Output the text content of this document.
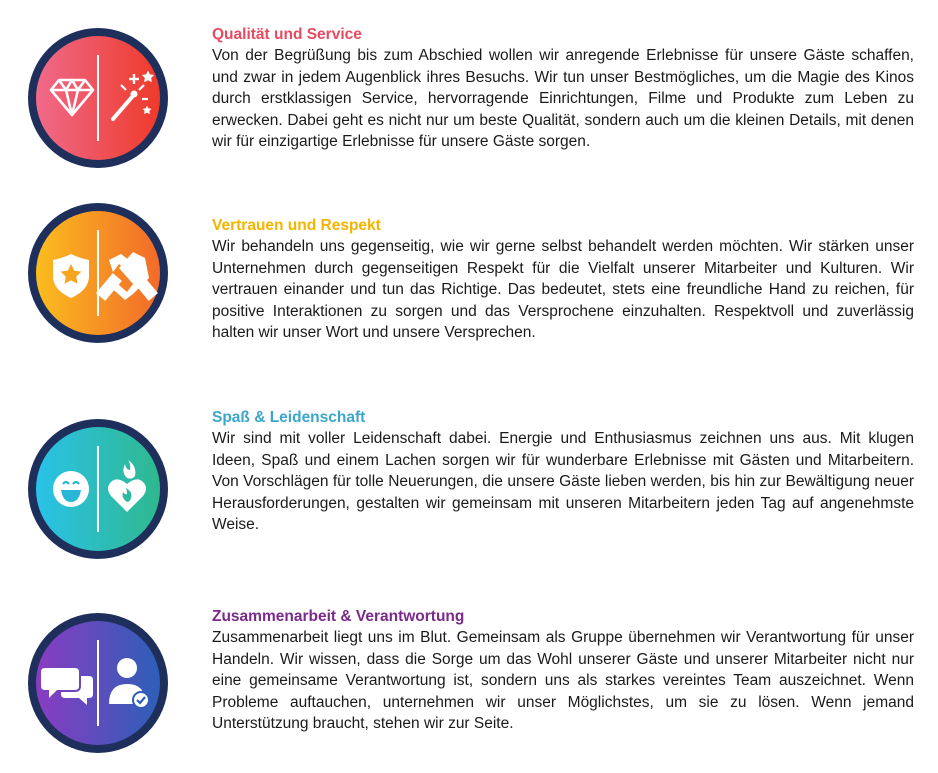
Qualität und Service

Von der Begrüßung bis zum Abschied wollen wir anregende Erlebnisse für unsere Gäste schaffen, und zwar in jedem Augenblick ihres Besuchs. Wir tun unser Bestmögliches, um die Magie des Kinos durch erstklassigen Service, hervorragende Einrichtungen, Filme und Produkte zum Leben zu erwecken. Dabei geht es nicht nur um beste Qualität, sondern auch um die kleinen Details, mit denen wir für einzigartige Erlebnisse für unsere Gäste sorgen.

Vertrauen und Respekt

Wir behandeln uns gegenseitig, wie wir gerne selbst behandelt werden möchten. Wir stärken unser Unternehmen durch gegenseitigen Respekt für die Vielfalt unserer Mitarbeiter und Kulturen. Wir vertrauen einander und tun das Richtige. Das bedeutet, stets eine freundliche Hand zu reichen, für positive Interaktionen zu sorgen und das Versprochene einzuhalten. Respektvoll und zuverlässig halten wir unser Wort und unsere Versprechen.

Spaß & Leidenschaft

Wir sind mit voller Leidenschaft dabei. Energie und Enthusiasmus zeichnen uns aus. Mit klugen Ideen, Spaß und einem Lachen sorgen wir für wunderbare Erlebnisse mit Gästen und Mitarbeitern. Von Vorschlägen für tolle Neuerungen, die unsere Gäste lieben werden, bis hin zur Bewältigung neuer Herausforderungen, gestalten wir gemeinsam mit unseren Mitarbeitern jeden Tag auf angenehmste Weise.

Zusammenarbeit & Verantwortung

Zusammenarbeit liegt uns im Blut. Gemeinsam als Gruppe übernehmen wir Verantwortung für unser Handeln. Wir wissen, dass die Sorge um das Wohl unserer Gäste und unserer Mitarbeiter nicht nur eine gemeinsame Verantwortung ist, sondern uns als starkes vereintes Team auszeichnet. Wenn Probleme auftauchen, unternehmen wir unser Möglichstes, um sie zu lösen. Wenn jemand Unterstützung braucht, stehen wir zur Seite.
